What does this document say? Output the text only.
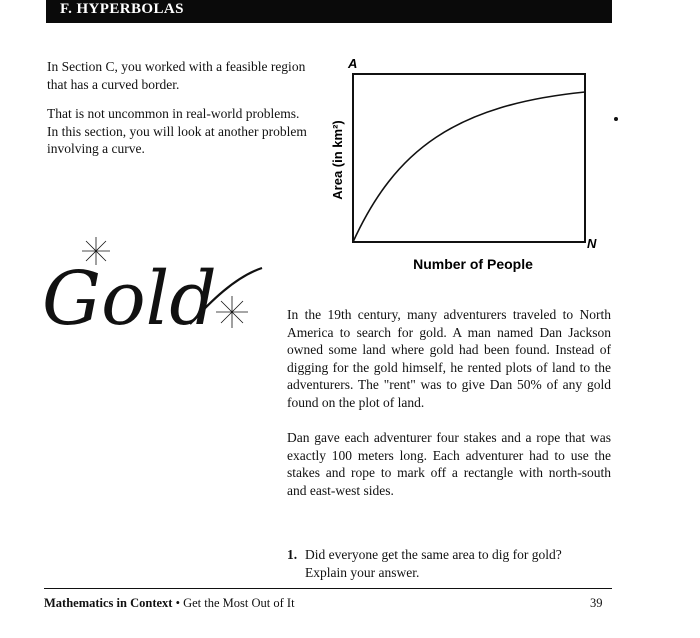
F. HYPERBOLAS

In Section C, you worked with a feasible region that has a curved border.

That is not uncommon in real-world problems. In this section, you will look at another problem involving a curve.

A
N
Area (in km²)
Number of People
Gold	In the 19th century, many adventurers traveled to North America to search for gold. A man named Dan Jackson owned some land where gold had been found. Instead of digging for the gold himself, he rented plots of land to the adventurers. The "rent" was to give Dan 50% of any gold found on the plot of land.

Dan gave each adventurer four stakes and a rope that was exactly 100 meters long. Each adventurer had to use the stakes and rope to mark off a rectangle with north-south and east-west sides.

1. Did everyone get the same area to dig for gold?
Explain your answer.
Mathematics in Context • Get the Most Out of It	39
